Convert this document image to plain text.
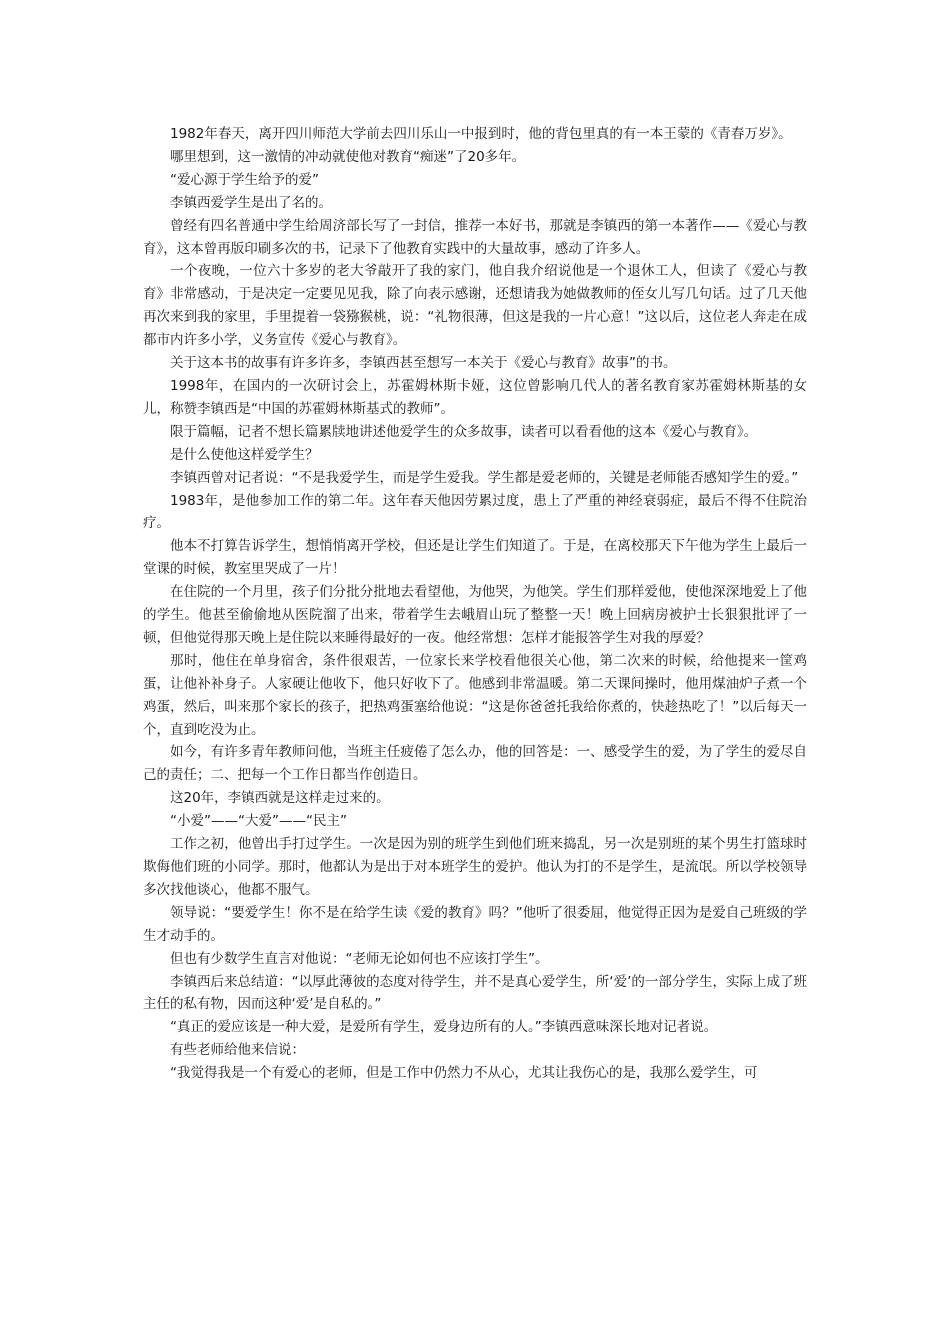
1982年春天，离开四川师范大学前去四川乐山一中报到时，他的背包里真的有一本王蒙的《青春万岁》。

哪里想到，这一激情的冲动就使他对教育“痴迷”了20多年。

“爱心源于学生给予的爱”

李镇西爱学生是出了名的。

曾经有四名普通中学生给周济部长写了一封信，推荐一本好书，那就是李镇西的第一本著作——《爱心与教育》，这本曾再版印刷多次的书，记录下了他教育实践中的大量故事，感动了许多人。

一个夜晚，一位六十多岁的老大爷敲开了我的家门，他自我介绍说他是一个退休工人，但读了《爱心与教育》非常感动，于是决定一定要见见我，除了向表示感谢，还想请我为她做教师的侄女儿写几句话。过了几天他再次来到我的家里，手里提着一袋猕猴桃，说：“礼物很薄，但这是我的一片心意！”这以后，这位老人奔走在成都市内许多小学，义务宣传《爱心与教育》。

关于这本书的故事有许多许多，李镇西甚至想写一本关于《爱心与教育》故事”的书。

1998年，在国内的一次研讨会上，苏霍姆林斯卡娅，这位曾影响几代人的著名教育家苏霍姆林斯基的女儿，称赞李镇西是“中国的苏霍姆林斯基式的教师”。

限于篇幅，记者不想长篇累牍地讲述他爱学生的众多故事，读者可以看看他的这本《爱心与教育》。

是什么使他这样爱学生？

李镇西曾对记者说：“不是我爱学生，而是学生爱我。学生都是爱老师的，关键是老师能否感知学生的爱。”

1983年，是他参加工作的第二年。这年春天他因劳累过度，患上了严重的神经衰弱症，最后不得不住院治疗。

他本不打算告诉学生，想悄悄离开学校，但还是让学生们知道了。于是，在离校那天下午他为学生上最后一堂课的时候，教室里哭成了一片！

在住院的一个月里，孩子们分批分批地去看望他，为他哭，为他笑。学生们那样爱他，使他深深地爱上了他的学生。他甚至偷偷地从医院溜了出来，带着学生去峨眉山玩了整整一天！晚上回病房被护士长狠狠批评了一顿，但他觉得那天晚上是住院以来睡得最好的一夜。他经常想：怎样才能报答学生对我的厚爱？

那时，他住在单身宿舍，条件很艰苦，一位家长来学校看他很关心他，第二次来的时候，给他提来一筐鸡蛋，让他补补身子。人家硬让他收下，他只好收下了。他感到非常温暖。第二天课间操时，他用煤油炉子煮一个鸡蛋，然后，叫来那个家长的孩子，把热鸡蛋塞给他说：“这是你爸爸托我给你煮的，快趁热吃了！”以后每天一个，直到吃没为止。

如今，有许多青年教师问他，当班主任疲倦了怎么办，他的回答是：一、感受学生的爱，为了学生的爱尽自己的责任；二、把每一个工作日都当作创造日。

这20年，李镇西就是这样走过来的。

“小爱”——“大爱”——“民主”

工作之初，他曾出手打过学生。一次是因为别的班学生到他们班来捣乱，另一次是别班的某个男生打篮球时欺侮他们班的小同学。那时，他都认为是出于对本班学生的爱护。他认为打的不是学生，是流氓。所以学校领导多次找他谈心，他都不服气。

领导说：“要爱学生！你不是在给学生读《爱的教育》吗？”他听了很委屈，他觉得正因为是爱自己班级的学生才动手的。

但也有少数学生直言对他说：“老师无论如何也不应该打学生”。

李镇西后来总结道：“以厚此薄彼的态度对待学生，并不是真心爱学生，所‘爱’的一部分学生，实际上成了班主任的私有物，因而这种‘爱’是自私的。”

“真正的爱应该是一种大爱，是爱所有学生，爱身边所有的人。”李镇西意味深长地对记者说。

有些老师给他来信说：

“我觉得我是一个有爱心的老师，但是工作中仍然力不从心，尤其让我伤心的是，我那么爱学生，可
